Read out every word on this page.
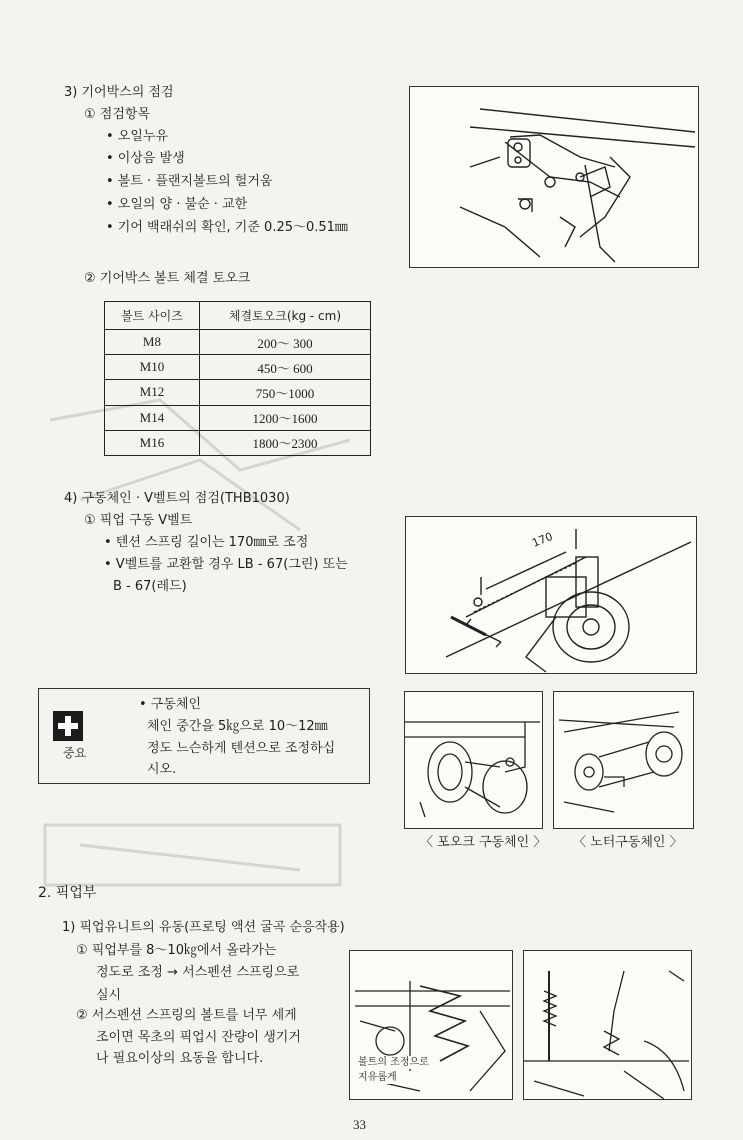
3) 기어박스의 점검
① 점검항목
• 오일누유
• 이상음 발생
• 볼트 · 플랜지볼트의 헐거움
• 오일의 양 · 불순 · 교한
• 기어 백래쉬의 확인, 기준 0.25～0.51㎜
② 기어박스 볼트 체결 토오크
볼트 사이즈	체결토오크(kg - cm)
M8	200～ 300
M10	450～ 600
M12	750～1000
M14	1200～1600
M16	1800～2300
4) 구동체인 · V벨트의 점검(THB1030)
① 픽업 구동 V벨트
• 텐션 스프링 길이는 170㎜로 조정
• V벨트를 교환할 경우 LB - 67(그린) 또는
B - 67(레드)
170
중요
• 구동체인
체인 중간을 5㎏으로 10～12㎜
정도 느슨하게 텐션으로 조정하십
시오.
〈 포오크 구동체인 〉 〈 노터구동체인 〉
2. 픽업부
1) 픽업유니트의 유동(프로팅 액션 굴곡 순응작용)
① 픽업부를 8～10㎏에서 올라가는
정도로 조정 → 서스펜션 스프링으로
실시
② 서스펜션 스프링의 볼트를 너무 세게
조이면 목초의 픽업시 잔량이 생기거
나 필요이상의 요동을 합니다.	볼트의 조정으로
지유롭게
33
